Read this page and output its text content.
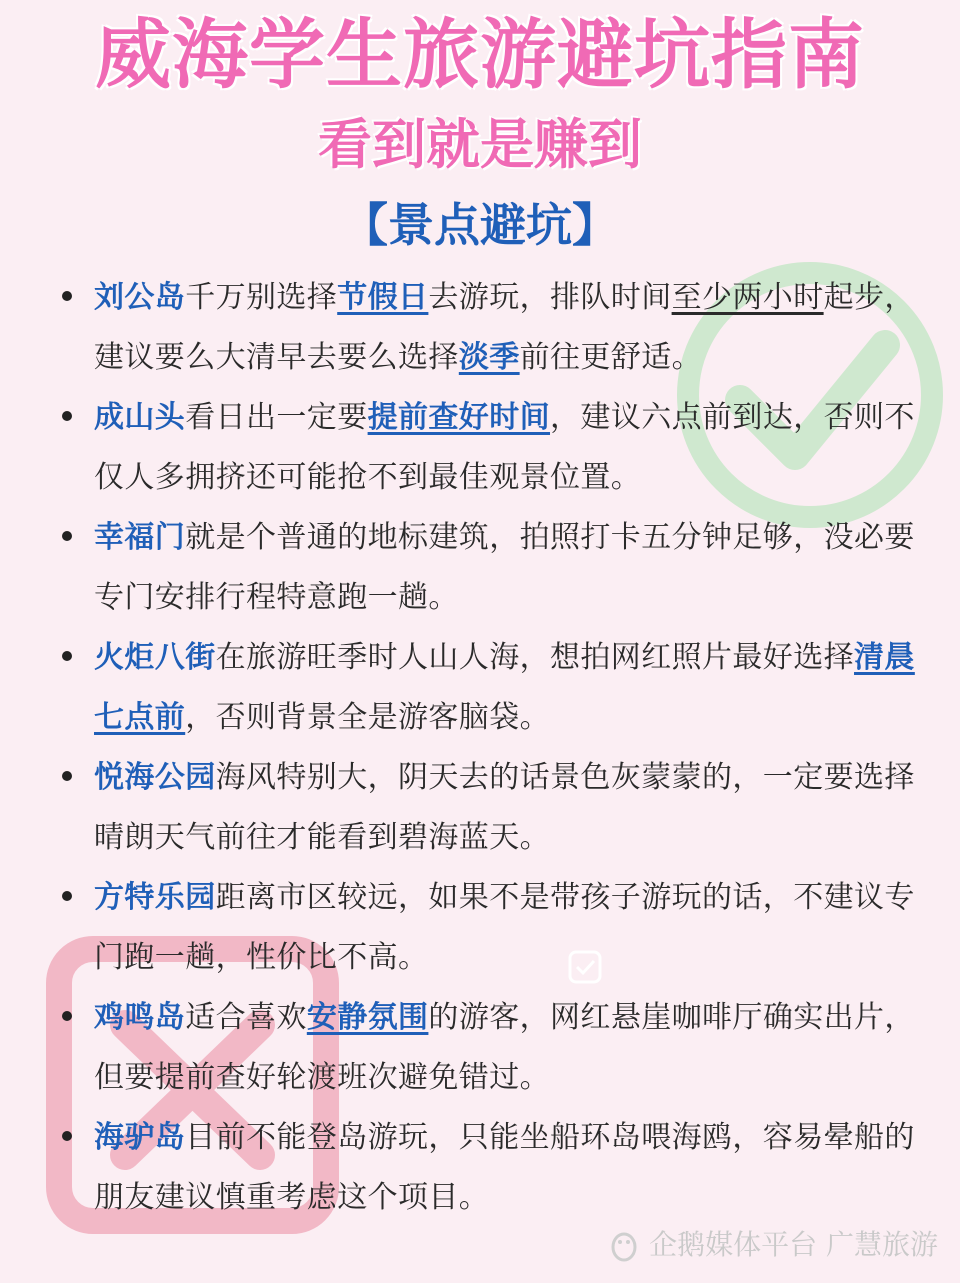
威海学生旅游避坑指南
看到就是赚到
【景点避坑】
刘公岛千万别选择节假日去游玩，排队时间至少两小时起步，建议要么大清早去要么选择淡季前往更舒适。
成山头看日出一定要提前查好时间，建议六点前到达，否则不仅人多拥挤还可能抢不到最佳观景位置。
幸福门就是个普通的地标建筑，拍照打卡五分钟足够，没必要专门安排行程特意跑一趟。
火炬八街在旅游旺季时人山人海，想拍网红照片最好选择清晨七点前，否则背景全是游客脑袋。
悦海公园海风特别大，阴天去的话景色灰蒙蒙的，一定要选择晴朗天气前往才能看到碧海蓝天。
方特乐园距离市区较远，如果不是带孩子游玩的话，不建议专门跑一趟，性价比不高。
鸡鸣岛适合喜欢安静氛围的游客，网红悬崖咖啡厅确实出片，但要提前查好轮渡班次避免错过。
海驴岛目前不能登岛游玩，只能坐船环岛喂海鸥，容易晕船的朋友建议慎重考虑这个项目。
企鹅媒体平台 广慧旅游
